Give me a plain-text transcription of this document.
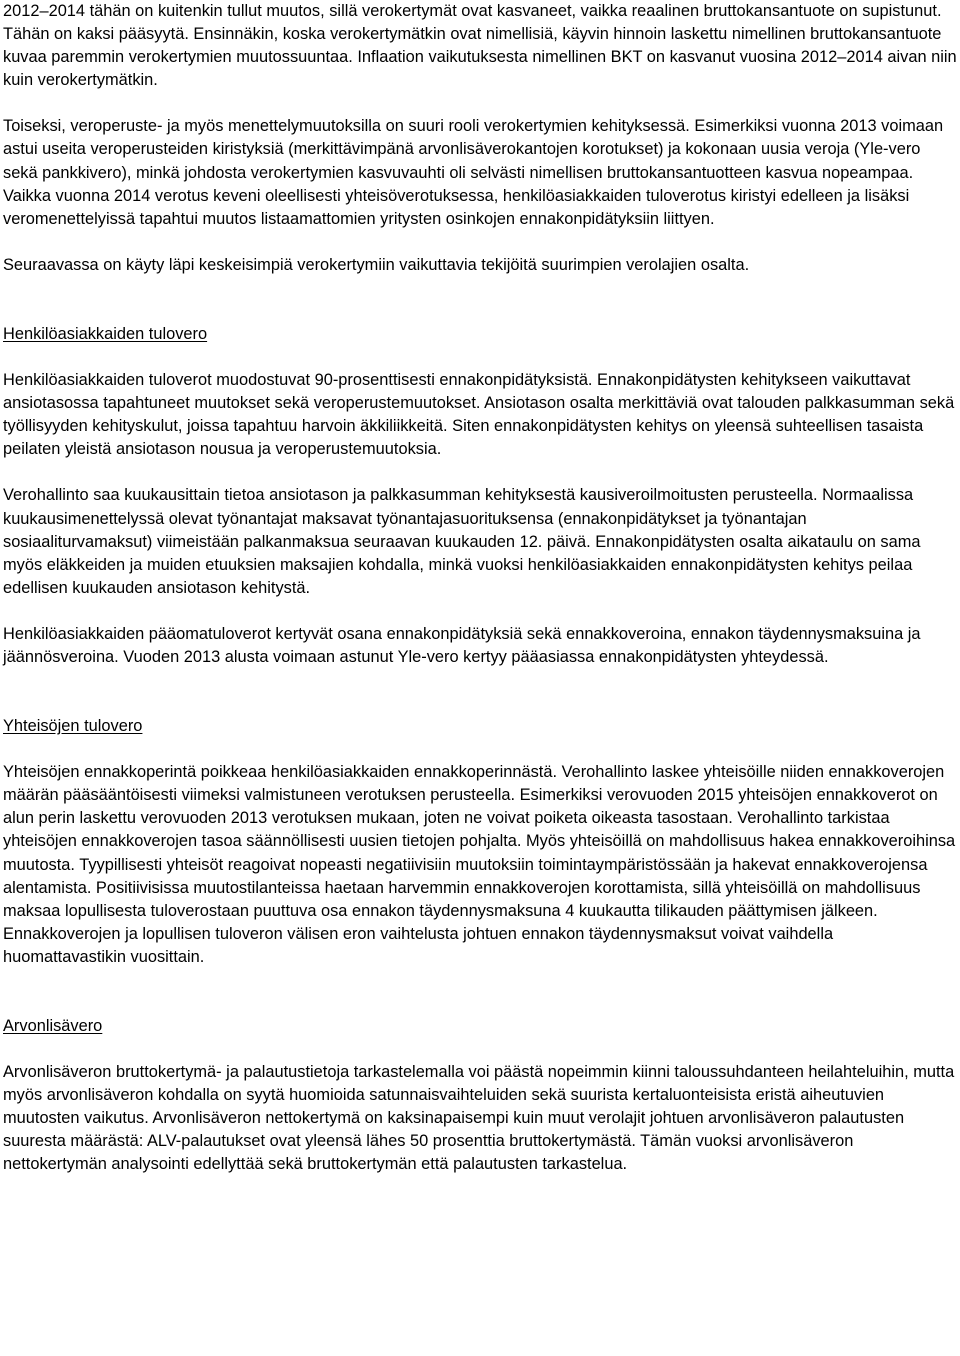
2012–2014 tähän on kuitenkin tullut muutos, sillä verokertymät ovat kasvaneet, vaikka reaalinen bruttokansantuote on supistunut. Tähän on kaksi pääsyytä. Ensinnäkin, koska verokertymätkin ovat nimellisiä, käyvin hinnoin laskettu nimellinen bruttokansantuote kuvaa paremmin verokertymien muutossuuntaa. Inflaation vaikutuksesta nimellinen BKT on kasvanut vuosina 2012–2014 aivan niin kuin verokertymätkin.

Toiseksi, veroperuste- ja myös menettelymuutoksilla on suuri rooli verokertymien kehityksessä. Esimerkiksi vuonna 2013 voimaan astui useita veroperusteiden kiristyksiä (merkittävimpänä arvonlisäverokantojen korotukset) ja kokonaan uusia veroja (Yle-vero sekä pankkivero), minkä johdosta verokertymien kasvuvauhti oli selvästi nimellisen bruttokansantuotteen kasvua nopeampaa. Vaikka vuonna 2014 verotus keveni oleellisesti yhteisöverotuksessa, henkilöasiakkaiden tuloverotus kiristyi edelleen ja lisäksi veromenettelyissä tapahtui muutos listaamattomien yritysten osinkojen ennakonpidätyksiin liittyen.

Seuraavassa on käyty läpi keskeisimpiä verokertymiin vaikuttavia tekijöitä suurimpien verolajien osalta.

Henkilöasiakkaiden tulovero

Henkilöasiakkaiden tuloverot muodostuvat 90-prosenttisesti ennakonpidätyksistä. Ennakonpidätysten kehitykseen vaikuttavat ansiotasossa tapahtuneet muutokset sekä veroperustemuutokset. Ansiotason osalta merkittäviä ovat talouden palkkasumman sekä työllisyyden kehityskulut, joissa tapahtuu harvoin äkkiliikkeitä. Siten ennakonpidätysten kehitys on yleensä suhteellisen tasaista peilaten yleistä ansiotason nousua ja veroperustemuutoksia.

Verohallinto saa kuukausittain tietoa ansiotason ja palkkasumman kehityksestä kausiveroilmoitusten perusteella. Normaalissa kuukausimenettelyssä olevat työnantajat maksavat työnantajasuorituksensa (ennakonpidätykset ja työnantajan sosiaaliturvamaksut) viimeistään palkanmaksua seuraavan kuukauden 12. päivä. Ennakonpidätysten osalta aikataulu on sama myös eläkkeiden ja muiden etuuksien maksajien kohdalla, minkä vuoksi henkilöasiakkaiden ennakonpidätysten kehitys peilaa edellisen kuukauden ansiotason kehitystä.

Henkilöasiakkaiden pääomatuloverot kertyvät osana ennakonpidätyksiä sekä ennakkoveroina, ennakon täydennysmaksuina ja jäännösveroina. Vuoden 2013 alusta voimaan astunut Yle-vero kertyy pääasiassa ennakonpidätysten yhteydessä.

Yhteisöjen tulovero

Yhteisöjen ennakkoperintä poikkeaa henkilöasiakkaiden ennakkoperinnästä. Verohallinto laskee yhteisöille niiden ennakkoverojen määrän pääsääntöisesti viimeksi valmistuneen verotuksen perusteella. Esimerkiksi verovuoden 2015 yhteisöjen ennakkoverot on alun perin laskettu verovuoden 2013 verotuksen mukaan, joten ne voivat poiketa oikeasta tasostaan. Verohallinto tarkistaa yhteisöjen ennakkoverojen tasoa säännöllisesti uusien tietojen pohjalta. Myös yhteisöillä on mahdollisuus hakea ennakkoveroihinsa muutosta. Tyypillisesti yhteisöt reagoivat nopeasti negatiivisiin muutoksiin toimintaympäristössään ja hakevat ennakkoverojensa alentamista. Positiivisissa muutostilanteissa haetaan harvemmin ennakkoverojen korottamista, sillä yhteisöillä on mahdollisuus maksaa lopullisesta tuloverostaan puuttuva osa ennakon täydennysmaksuna 4 kuukautta tilikauden päättymisen jälkeen. Ennakkoverojen ja lopullisen tuloveron välisen eron vaihtelusta johtuen ennakon täydennysmaksut voivat vaihdella huomattavastikin vuosittain.

Arvonlisävero

Arvonlisäveron bruttokertymä- ja palautustietoja tarkastelemalla voi päästä nopeimmin kiinni taloussuhdanteen heilahteluihin, mutta myös arvonlisäveron kohdalla on syytä huomioida satunnaisvaihteluiden sekä suurista kertaluonteisista eristä aiheutuvien muutosten vaikutus. Arvonlisäveron nettokertymä on kaksinapaisempi kuin muut verolajit johtuen arvonlisäveron palautusten suuresta määrästä: ALV-palautukset ovat yleensä lähes 50 prosenttia bruttokertymästä. Tämän vuoksi arvonlisäveron nettokertymän analysointi edellyttää sekä bruttokertymän että palautusten tarkastelua.
